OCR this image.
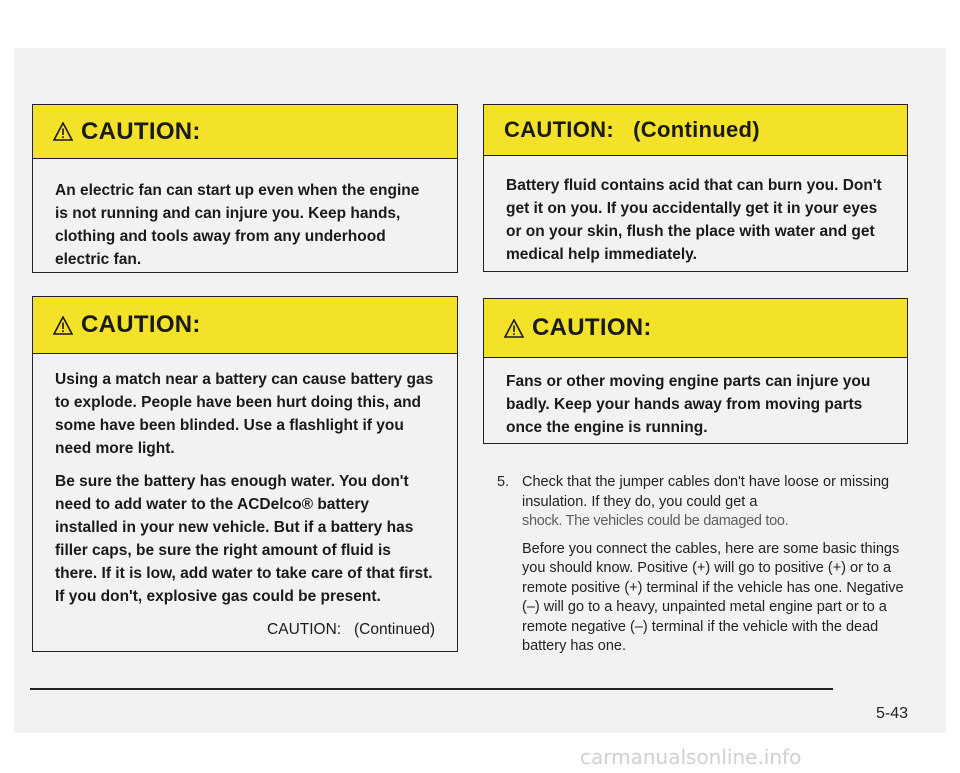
CAUTION:

An electric fan can start up even when the engine is not running and can injure you. Keep hands, clothing and tools away from any underhood electric fan.

CAUTION:   (Continued)

Battery fluid contains acid that can burn you. Don't get it on you. If you accidentally get it in your eyes or on your skin, flush the place with water and get medical help immediately.

CAUTION:

Using a match near a battery can cause battery gas to explode. People have been hurt doing this, and some have been blinded. Use a flashlight if you need more light.

Be sure the battery has enough water. You don't need to add water to the ACDelco® battery installed in your new vehicle. But if a battery has filler caps, be sure the right amount of fluid is there. If it is low, add water to take care of that first. If you don't, explosive gas could be present.

CAUTION:   (Continued)
CAUTION:

Fans or other moving engine parts can injure you badly. Keep your hands away from moving parts once the engine is running.

5. Check that the jumper cables don't have loose or missing insulation. If they do, you could get a
shock. The vehicles could be damaged too.

Before you connect the cables, here are some basic things you should know. Positive (+) will go to positive (+) or to a remote positive (+) terminal if the vehicle has one. Negative (–) will go to a heavy, unpainted metal engine part or to a remote negative (–) terminal if the vehicle with the dead battery has one.

5-43
carmanualsonline.info
